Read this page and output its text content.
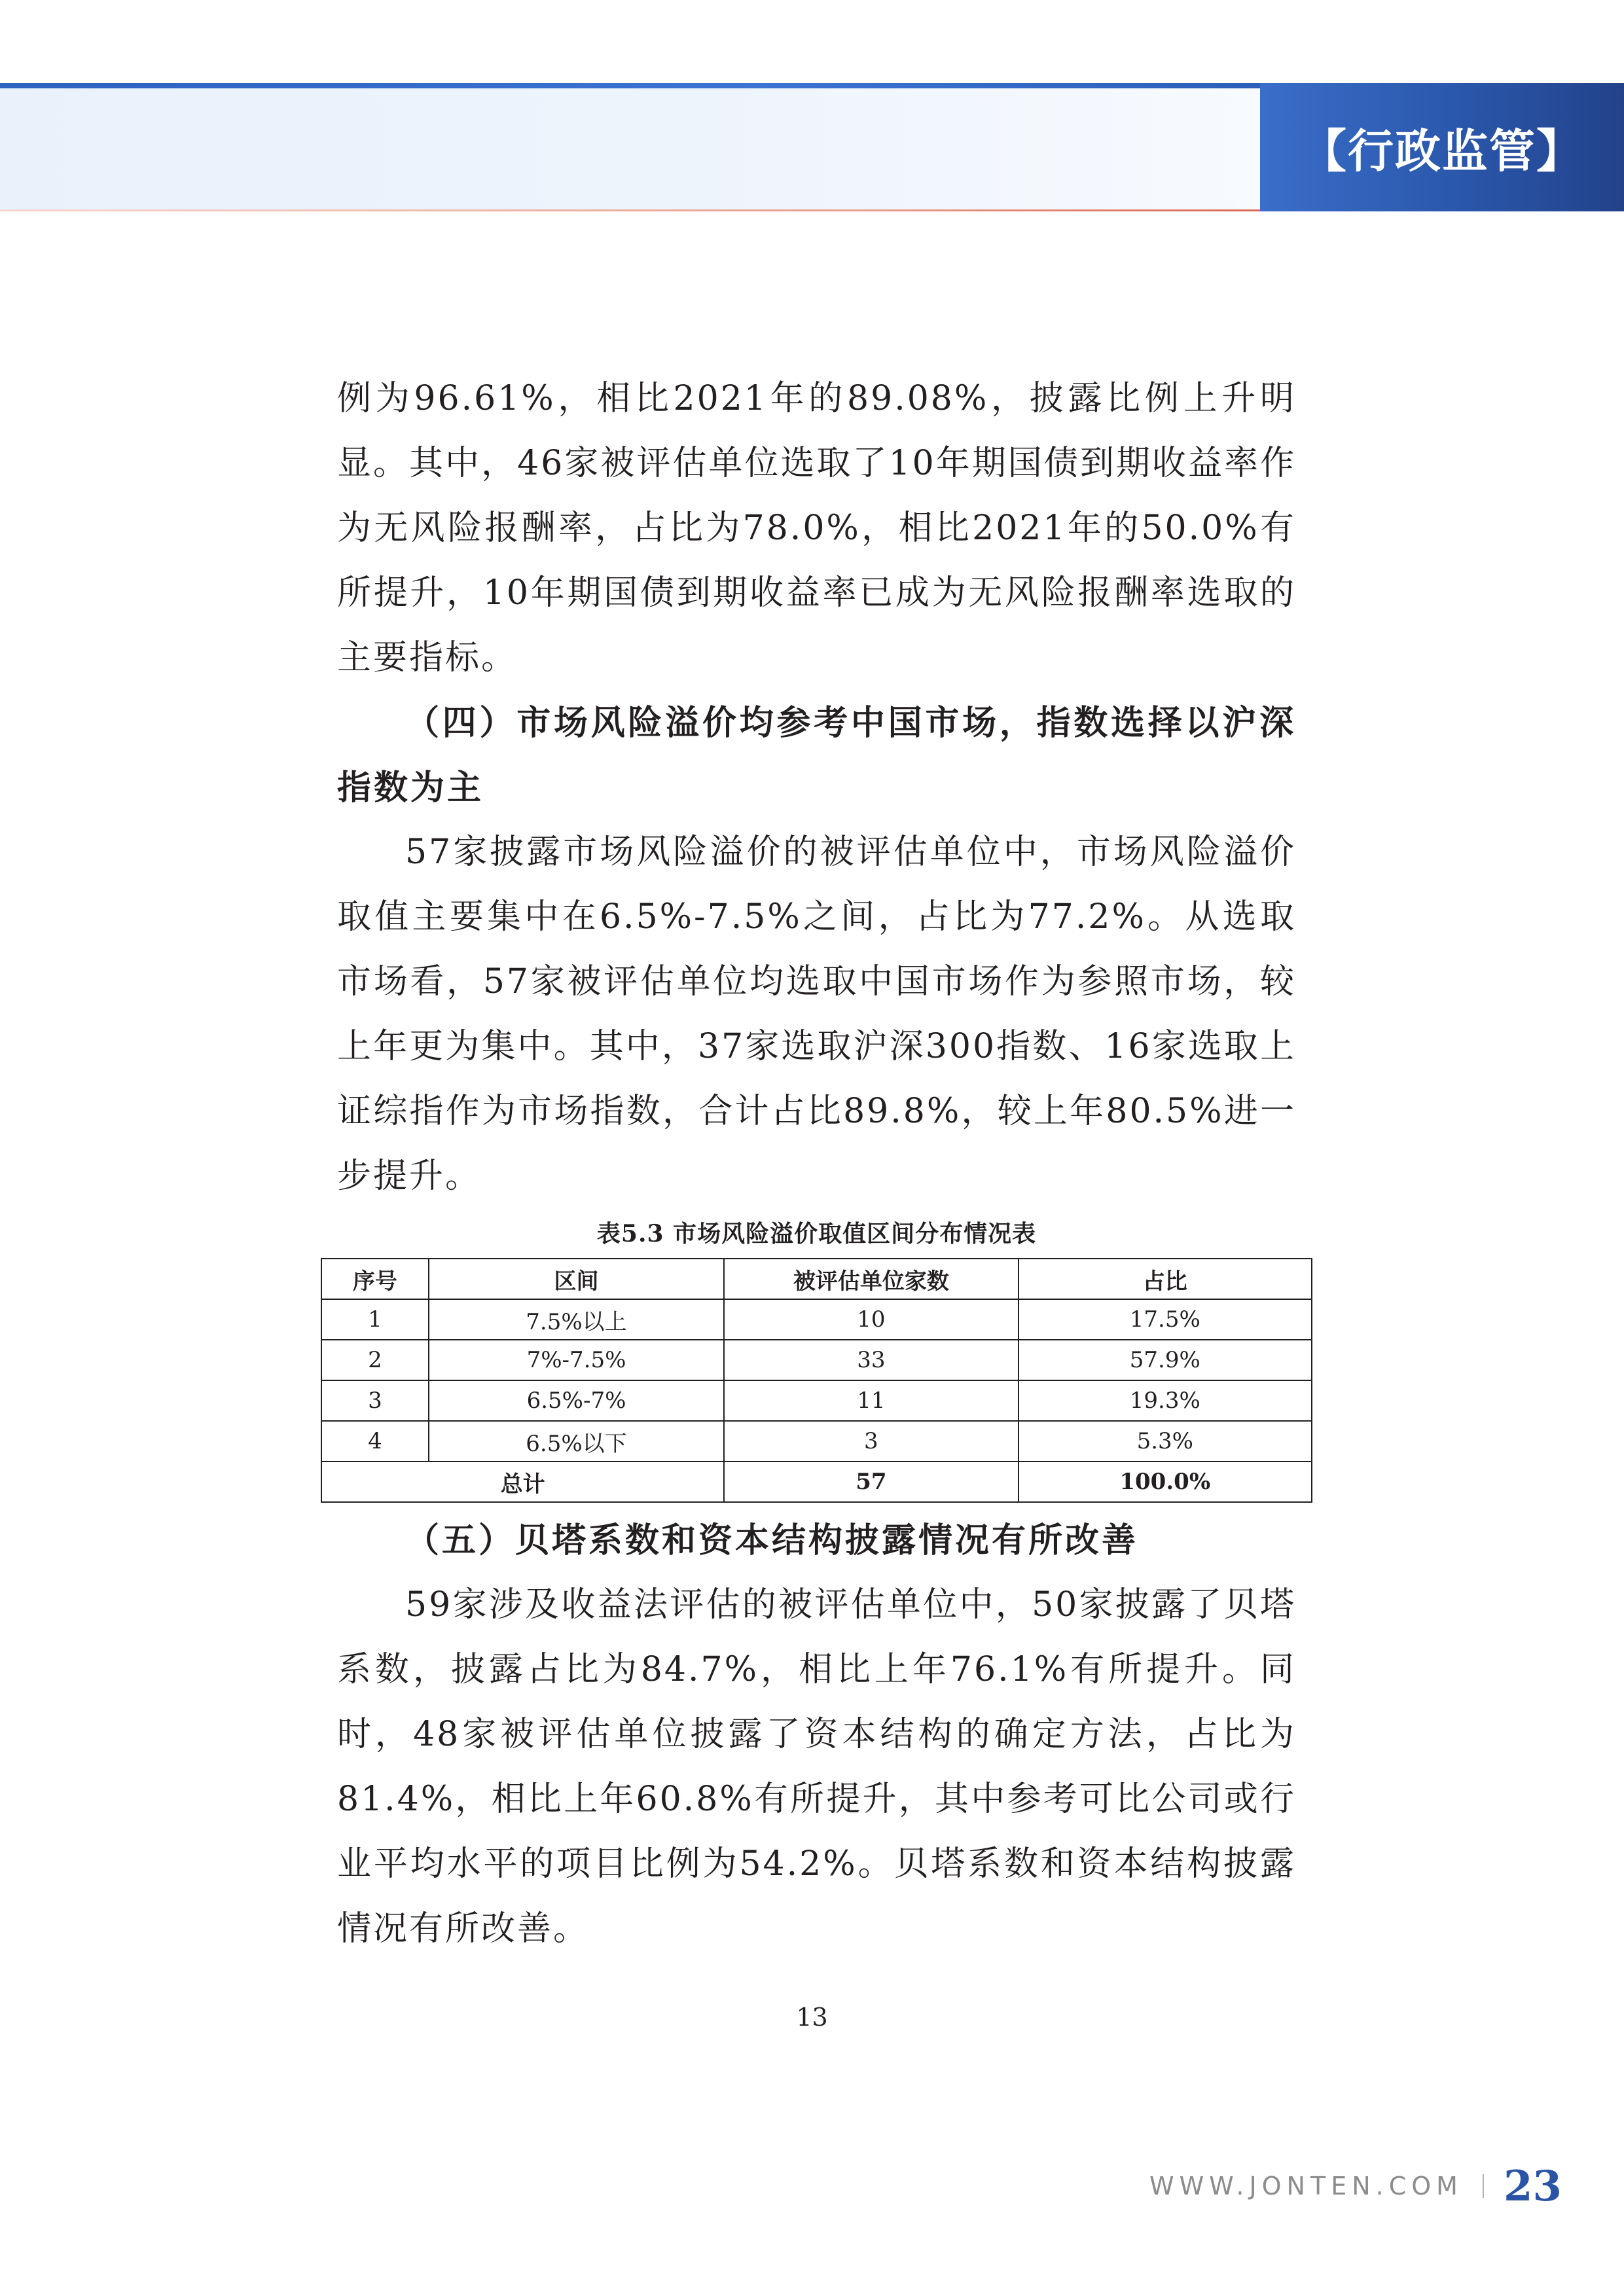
【行政监管】

例为96.61%，相比2021年的89.08%，披露比例上升明显。其中，46家被评估单位选取了10年期国债到期收益率作为无风险报酬率，占比为78.0%，相比2021年的50.0%有所提升，10年期国债到期收益率已成为无风险报酬率选取的主要指标。

（四）市场风险溢价均参考中国市场，指数选择以沪深指数为主

57家披露市场风险溢价的被评估单位中，市场风险溢价取值主要集中在6.5%-7.5%之间，占比为77.2%。从选取市场看，57家被评估单位均选取中国市场作为参照市场，较上年更为集中。其中，37家选取沪深300指数、16家选取上证综指作为市场指数，合计占比89.8%，较上年80.5%进一步提升。

表5.3 市场风险溢价取值区间分布情况表
序号	区间	被评估单位家数	占比
1	7.5%以上	10	17.5%
2	7%-7.5%	33	57.9%
3	6.5%-7%	11	19.3%
4	6.5%以下	3	5.3%
总计		57	100.0%

（五）贝塔系数和资本结构披露情况有所改善

59家涉及收益法评估的被评估单位中，50家披露了贝塔系数，披露占比为84.7%，相比上年76.1%有所提升。同时，48家被评估单位披露了资本结构的确定方法，占比为81.4%，相比上年60.8%有所提升，其中参考可比公司或行业平均水平的项目比例为54.2%。贝塔系数和资本结构披露情况有所改善。

13
WWW.JONTEN.COM 23
